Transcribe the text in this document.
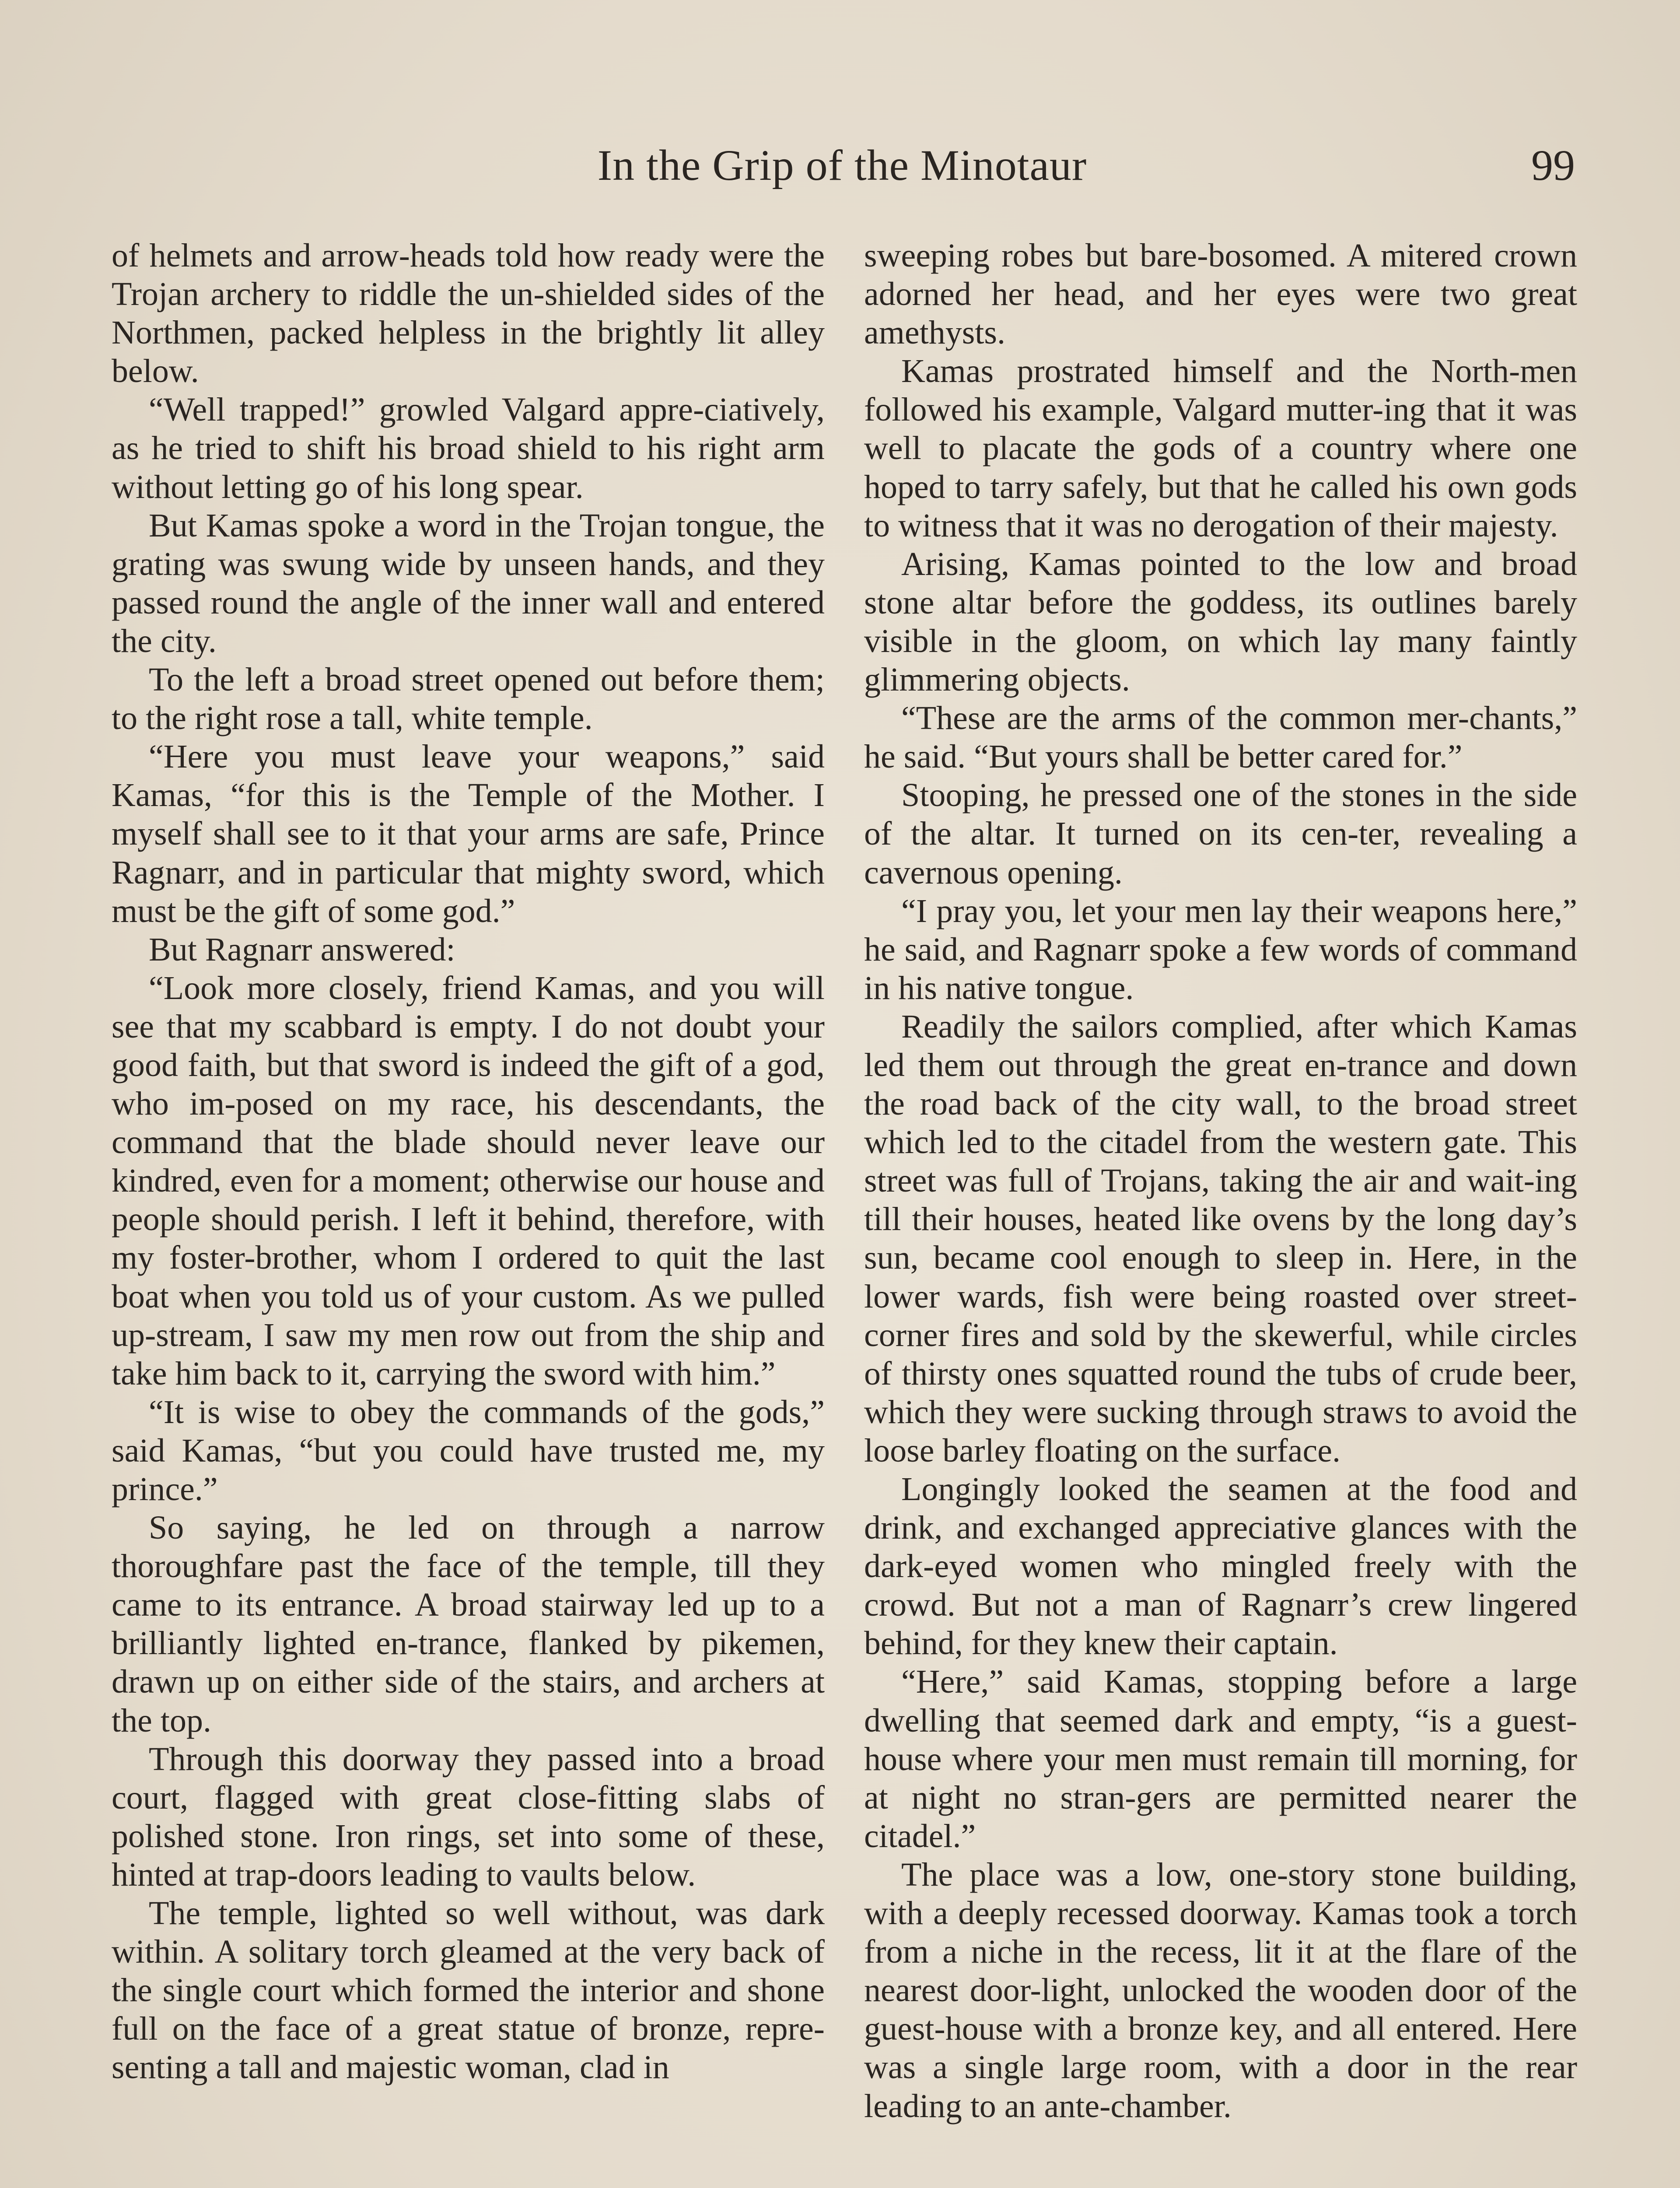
In the Grip of the Minotaur	99

of helmets and arrow-heads told how ready were the Trojan archery to riddle the un-shielded sides of the Northmen, packed helpless in the brightly lit alley below.

“Well trapped!” growled Valgard appre-ciatively, as he tried to shift his broad shield to his right arm without letting go of his long spear.

But Kamas spoke a word in the Trojan tongue, the grating was swung wide by unseen hands, and they passed round the angle of the inner wall and entered the city.

To the left a broad street opened out before them; to the right rose a tall, white temple.

“Here you must leave your weapons,” said Kamas, “for this is the Temple of the Mother. I myself shall see to it that your arms are safe, Prince Ragnarr, and in particular that mighty sword, which must be the gift of some god.”

But Ragnarr answered:

“Look more closely, friend Kamas, and you will see that my scabbard is empty. I do not doubt your good faith, but that sword is indeed the gift of a god, who im-posed on my race, his descendants, the command that the blade should never leave our kindred, even for a moment; otherwise our house and people should perish. I left it behind, therefore, with my foster-brother, whom I ordered to quit the last boat when you told us of your custom. As we pulled up-stream, I saw my men row out from the ship and take him back to it, carrying the sword with him.”

“It is wise to obey the commands of the gods,” said Kamas, “but you could have trusted me, my prince.”

So saying, he led on through a narrow thoroughfare past the face of the temple, till they came to its entrance. A broad stairway led up to a brilliantly lighted en-trance, flanked by pikemen, drawn up on either side of the stairs, and archers at the top.

Through this doorway they passed into a broad court, flagged with great close-fitting slabs of polished stone. Iron rings, set into some of these, hinted at trap-doors leading to vaults below.

The temple, lighted so well without, was dark within. A solitary torch gleamed at the very back of the single court which formed the interior and shone full on the face of a great statue of bronze, repre-senting a tall and majestic woman, clad in

sweeping robes but bare-bosomed. A mitered crown adorned her head, and her eyes were two great amethysts.

Kamas prostrated himself and the North-men followed his example, Valgard mutter-ing that it was well to placate the gods of a country where one hoped to tarry safely, but that he called his own gods to witness that it was no derogation of their majesty.

Arising, Kamas pointed to the low and broad stone altar before the goddess, its outlines barely visible in the gloom, on which lay many faintly glimmering objects.

“These are the arms of the common mer-chants,” he said. “But yours shall be better cared for.”

Stooping, he pressed one of the stones in the side of the altar. It turned on its cen-ter, revealing a cavernous opening.

“I pray you, let your men lay their weapons here,” he said, and Ragnarr spoke a few words of command in his native tongue.

Readily the sailors complied, after which Kamas led them out through the great en-trance and down the road back of the city wall, to the broad street which led to the citadel from the western gate. This street was full of Trojans, taking the air and wait-ing till their houses, heated like ovens by the long day’s sun, became cool enough to sleep in. Here, in the lower wards, fish were being roasted over street-corner fires and sold by the skewerful, while circles of thirsty ones squatted round the tubs of crude beer, which they were sucking through straws to avoid the loose barley floating on the surface.

Longingly looked the seamen at the food and drink, and exchanged appreciative glances with the dark-eyed women who mingled freely with the crowd. But not a man of Ragnarr’s crew lingered behind, for they knew their captain.

“Here,” said Kamas, stopping before a large dwelling that seemed dark and empty, “is a guest-house where your men must remain till morning, for at night no stran-gers are permitted nearer the citadel.”

The place was a low, one-story stone building, with a deeply recessed doorway. Kamas took a torch from a niche in the recess, lit it at the flare of the nearest door-light, unlocked the wooden door of the guest-house with a bronze key, and all entered. Here was a single large room, with a door in the rear leading to an ante-chamber.
